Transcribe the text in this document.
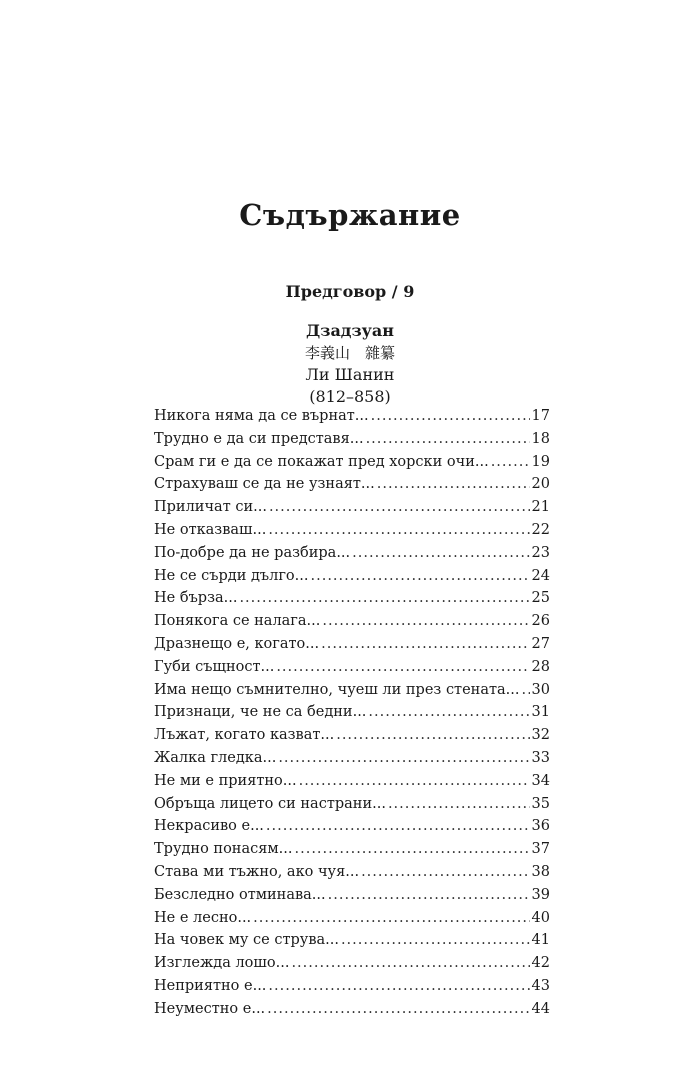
Съдържание
Предговор / 9
Дзадзуан
李義山　雜纂
Ли Шанин
(812–858)
Никога няма да се върнат... .....	17
Трудно е да си представя... .....	18
Срам ги е да се покажат пред хорски очи... .....	19
Страхуваш се да не узнаят... .....	20
Приличат си... .....	21
Не отказваш... .....	22
По-добре да не разбира... .....	23
Не се сърди дълго... .....	24
Не бърза... .....	25
Понякога се налага... .....	26
Дразнещо е, когато... .....	27
Губи същност... .....	28
Има нещо съмнително, чуеш ли през стената... ..... 30
Признаци, че не са бедни... .....	31
Лъжат, когато казват... .....	32
Жалка гледка... .....	33
Не ми е приятно... .....	34
Обръща лицето си настрани... .....	35
Некрасиво е... .....	36
Трудно понасям... .....	37
Става ми тъжно, ако чуя... .....	38
Безследно отминава... .....	39
Не е лесно... .....	40
На човек му се струва... .....	41
Изглежда лошо... .....	42
Неприятно е... .....	43
Неуместно е... .....	44
